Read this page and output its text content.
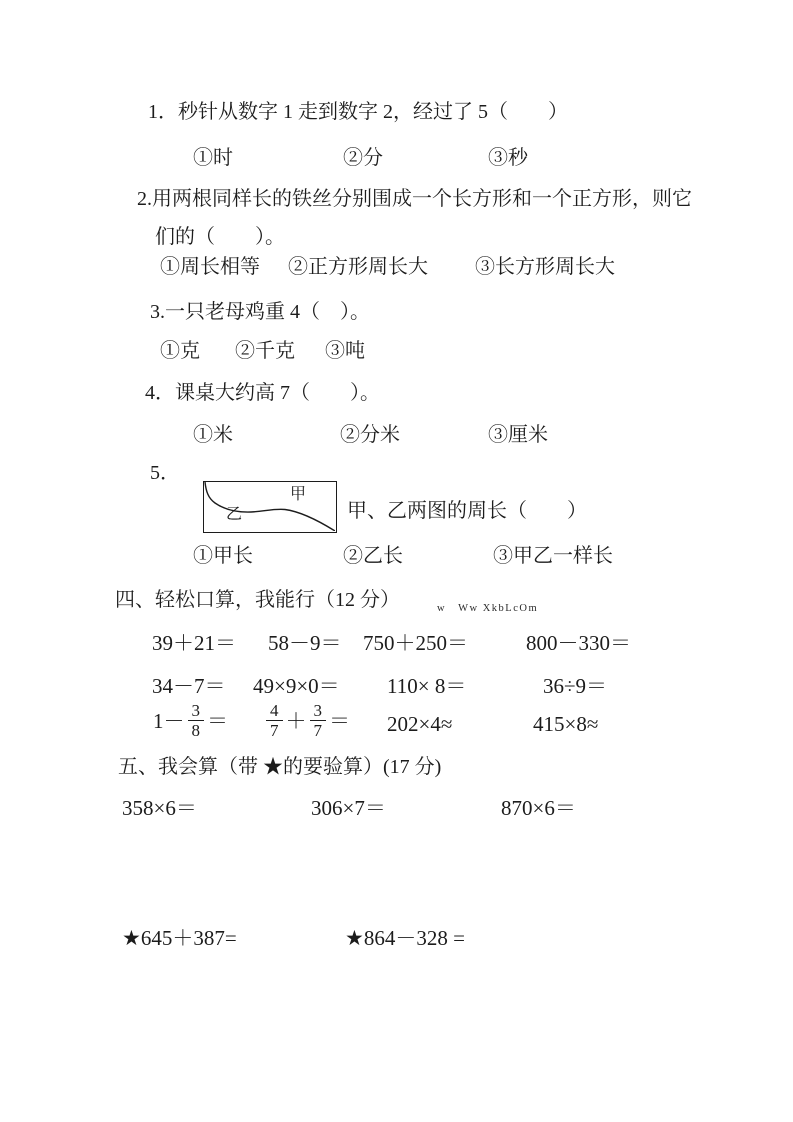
1．秒针从数字 1 走到数字 2，经过了 5（　　）
①时	②分	③秒
2.用两根同样长的铁丝分别围成一个长方形和一个正方形，则它
们的（　　）。
①周长相等 ②正方形周长大 ③长方形周长大
3.一只老母鸡重 4（　）。
①克 ②千克 ③吨
4．课桌大约高 7（　　）。
①米	②分米	③厘米
5．
甲
乙	甲、乙两图的周长（　　）
①甲长	②乙长	③甲乙一样长
四、轻松口算，我能行（12 分）	w　Ww XkbLcOm
39＋21＝ 58－9＝ 750＋250＝	800－330＝
34－7＝ 49×9×0＝ 110× 8＝	36÷9＝
$1- \frac{3}{8} = \frac{4}{7} + \frac{3}{7} = 202\times 4\approx$	415×8≈
五、我会算（带 ★的要验算）(17 分)
358×6＝	306×7＝	870×6＝
★645＋387=	★864－328 =
